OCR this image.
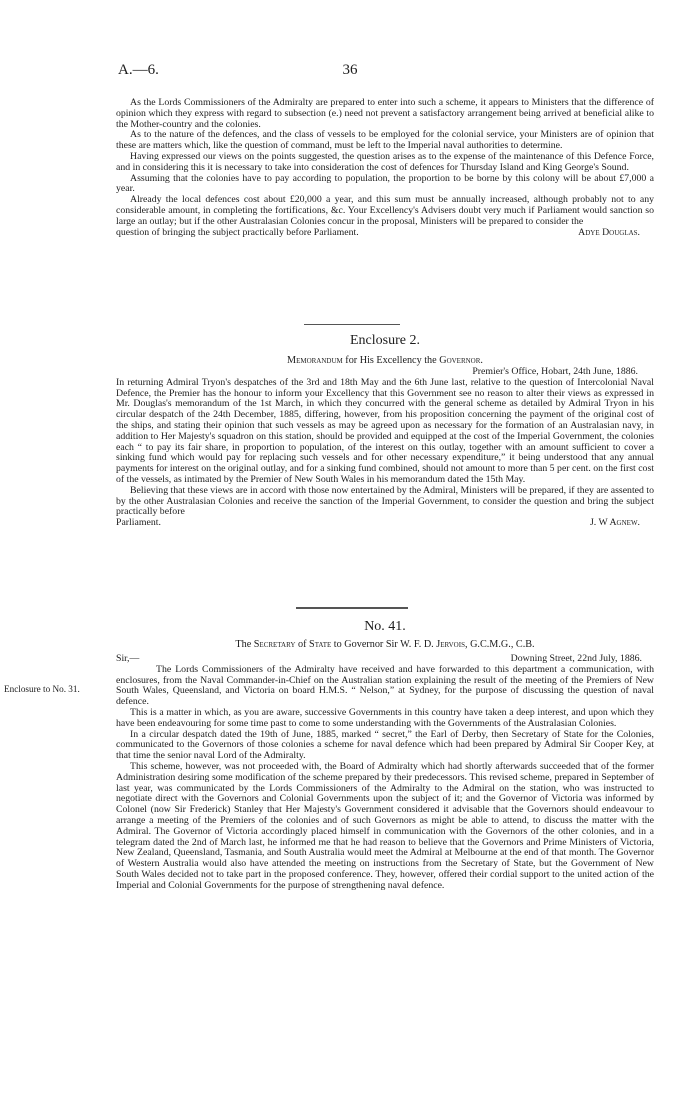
36
A.—6.

As the Lords Commissioners of the Admiralty are prepared to enter into such a scheme, it appears to Ministers that the difference of opinion which they express with regard to subsection (e.) need not prevent a satisfactory arrangement being arrived at beneficial alike to the Mother-country and the colonies.

As to the nature of the defences, and the class of vessels to be employed for the colonial service, your Ministers are of opinion that these are matters which, like the question of command, must be left to the Imperial naval authorities to determine.

Having expressed our views on the points suggested, the question arises as to the expense of the maintenance of this Defence Force, and in considering this it is necessary to take into consideration the cost of defences for Thursday Island and King George's Sound.

Assuming that the colonies have to pay according to population, the proportion to be borne by this colony will be about £7,000 a year.

Already the local defences cost about £20,000 a year, and this sum must be annually increased, although probably not to any considerable amount, in completing the fortifications, &c. Your Excellency's Advisers doubt very much if Parliament would sanction so large an outlay; but if the other Australasian Colonies concur in the proposal, Ministers will be prepared to consider the

question of bringing the subject practically before Parliament.	Adye Douglas.

Enclosure 2.

Memorandum for His Excellency the Governor.

Premier's Office, Hobart, 24th June, 1886.

In returning Admiral Tryon's despatches of the 3rd and 18th May and the 6th June last, relative to the question of Intercolonial Naval Defence, the Premier has the honour to inform your Excellency that this Government see no reason to alter their views as expressed in Mr. Douglas's memorandum of the 1st March, in which they concurred with the general scheme as detailed by Admiral Tryon in his circular despatch of the 24th December, 1885, differing, however, from his proposition concerning the payment of the original cost of the ships, and stating their opinion that such vessels as may be agreed upon as necessary for the formation of an Australasian navy, in addition to Her Majesty's squadron on this station, should be provided and equipped at the cost of the Imperial Government, the colonies each “ to pay its fair share, in proportion to population, of the interest on this outlay, together with an amount sufficient to cover a sinking fund which would pay for replacing such vessels and for other necessary expenditure,” it being understood that any annual payments for interest on the original outlay, and for a sinking fund combined, should not amount to more than 5 per cent. on the first cost of the vessels, as intimated by the Premier of New South Wales in his memorandum dated the 15th May.

Believing that these views are in accord with those now entertained by the Admiral, Ministers will be prepared, if they are assented to by the other Australasian Colonies and receive the sanction of the Imperial Government, to consider the question and bring the subject practically before

Parliament.	J. W Agnew.

No. 41.

The Secretary of State to Governor Sir W. F. D. Jervois, G.C.M.G., C.B.

Sir,—	Downing Street, 22nd July, 1886.

The Lords Commissioners of the Admiralty have received and have forwarded to this department a communication, with enclosures, from the Naval Commander-in-Chief on the Australian station explaining the result of the meeting of the Premiers of New South Wales, Queensland, and Victoria on board H.M.S. “ Nelson,” at Sydney, for the purpose of discussing the question of naval defence.

This is a matter in which, as you are aware, successive Governments in this country have taken a deep interest, and upon which they have been endeavouring for some time past to come to some understanding with the Governments of the Australasian Colonies.

In a circular despatch dated the 19th of June, 1885, marked “ secret,” the Earl of Derby, then Secretary of State for the Colonies, communicated to the Governors of those colonies a scheme for naval defence which had been prepared by Admiral Sir Cooper Key, at that time the senior naval Lord of the Admiralty.

This scheme, however, was not proceeded with, the Board of Admiralty which had shortly afterwards succeeded that of the former Administration desiring some modification of the scheme prepared by their predecessors. This revised scheme, prepared in September of last year, was communicated by the Lords Commissioners of the Admiralty to the Admiral on the station, who was instructed to negotiate direct with the Governors and Colonial Governments upon the subject of it; and the Governor of Victoria was informed by Colonel (now Sir Frederick) Stanley that Her Majesty's Government considered it advisable that the Governors should endeavour to arrange a meeting of the Premiers of the colonies and of such Governors as might be able to attend, to discuss the matter with the Admiral. The Governor of Victoria accordingly placed himself in communication with the Governors of the other colonies, and in a telegram dated the 2nd of March last, he informed me that he had reason to believe that the Governors and Prime Ministers of Victoria, New Zealand, Queensland, Tasmania, and South Australia would meet the Admiral at Melbourne at the end of that month. The Governor of Western Australia would also have attended the meeting on instructions from the Secretary of State, but the Government of New South Wales decided not to take part in the proposed conference. They, however, offered their cordial support to the united action of the Imperial and Colonial Governments for the purpose of strengthening naval defence.

Enclosure to No. 31.
